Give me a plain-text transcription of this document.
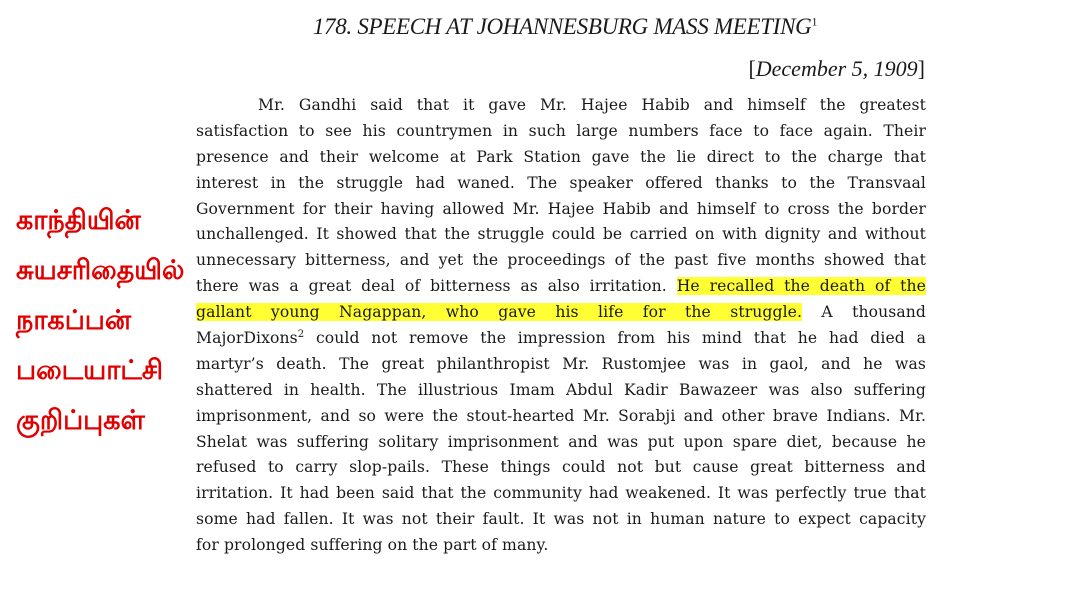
178. SPEECH AT JOHANNESBURG MASS MEETING$^1$
[December 5, 1909]
காந்தியின்
சுயசரிதையில்
நாகப்பன்
படையாட்சி
குறிப்புகள்
Mr. Gandhi said that it gave Mr. Hajee Habib and himself the greatest
satisfaction to see his countrymen in such large numbers face to face again. Their
presence and their welcome at Park Station gave the lie direct to the charge that
interest in the struggle had waned. The speaker offered thanks to the Transvaal
Government for their having allowed Mr. Hajee Habib and himself to cross the border
unchallenged. It showed that the struggle could be carried on with dignity and without
unnecessary bitterness, and yet the proceedings of the past five months showed that
there was a great deal of bitterness as also irritation. He recalled the death of the
gallant young Nagappan, who gave his life for the struggle. A thousand
MajorDixons$^2$ could not remove the impression from his mind that he had died a
martyr’s death. The great philanthropist Mr. Rustomjee was in gaol, and he was
shattered in health. The illustrious Imam Abdul Kadir Bawazeer was also suffering
imprisonment, and so were the stout-hearted Mr. Sorabji and other brave Indians. Mr.
Shelat was suffering solitary imprisonment and was put upon spare diet, because he
refused to carry slop-pails. These things could not but cause great bitterness and
irritation. It had been said that the community had weakened. It was perfectly true that
some had fallen. It was not their fault. It was not in human nature to expect capacity
for prolonged suffering on the part of many.
